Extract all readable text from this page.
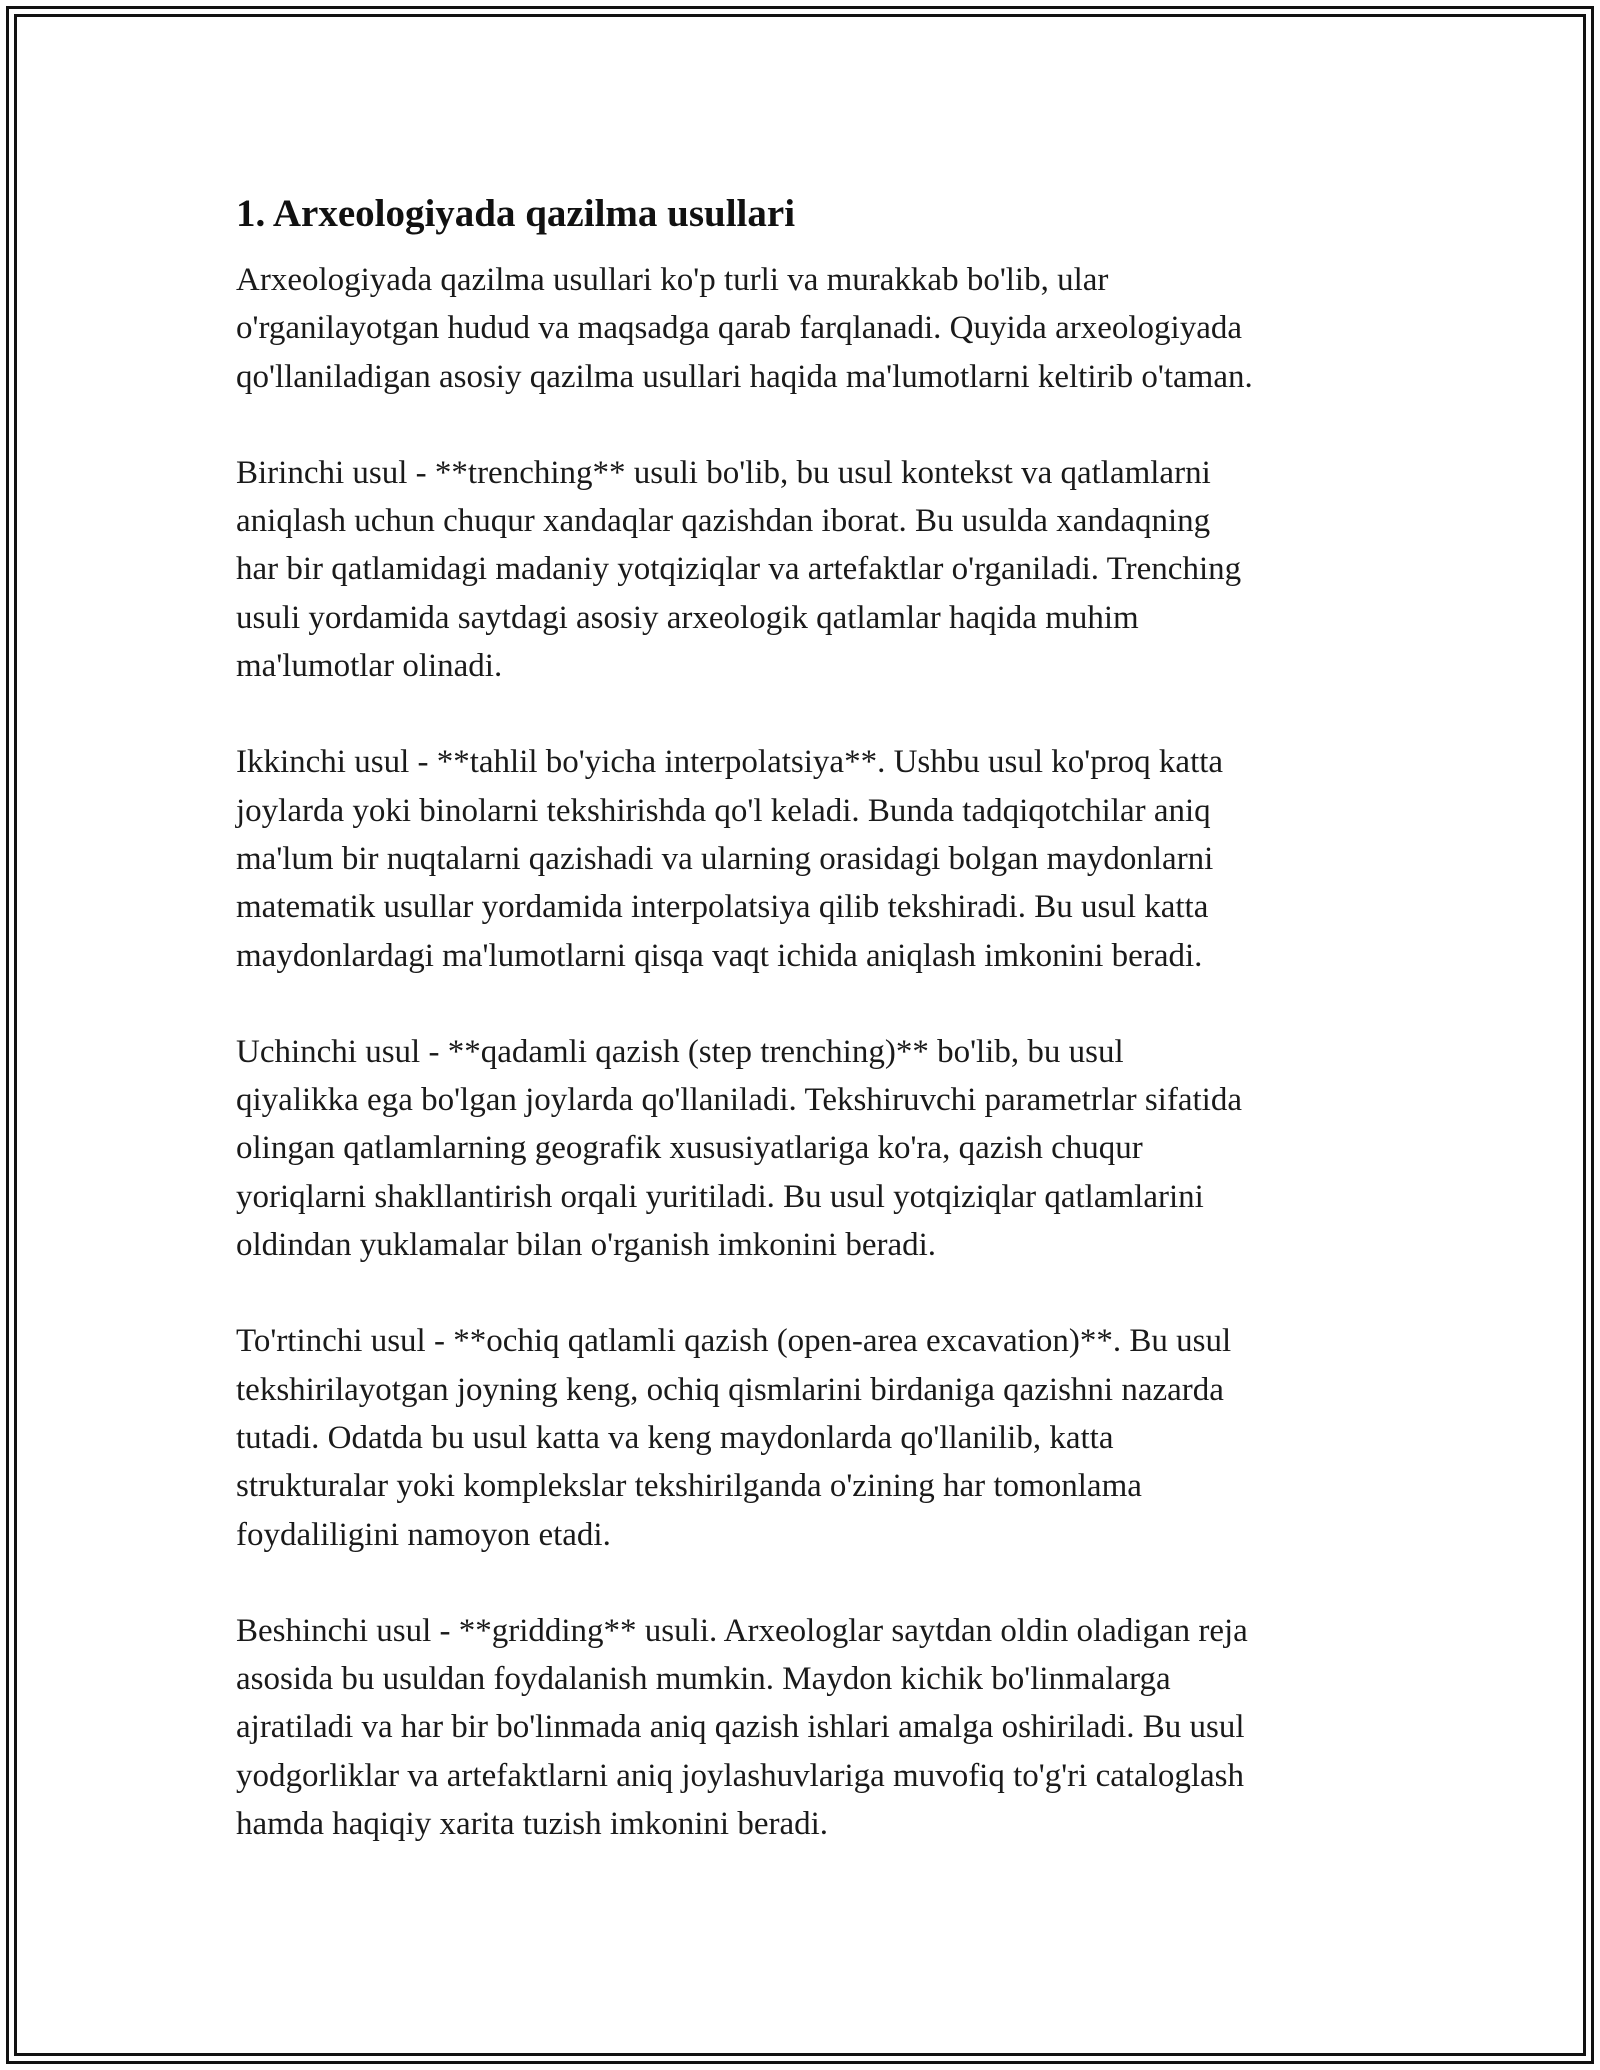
1. Arxeologiyada qazilma usullari
Arxeologiyada qazilma usullari ko'p turli va murakkab bo'lib, ular
o'rganilayotgan hudud va maqsadga qarab farqlanadi. Quyida arxeologiyada
qo'llaniladigan asosiy qazilma usullari haqida ma'lumotlarni keltirib o'taman.
Birinchi usul - **trenching** usuli bo'lib, bu usul kontekst va qatlamlarni
aniqlash uchun chuqur xandaqlar qazishdan iborat. Bu usulda xandaqning
har bir qatlamidagi madaniy yotqiziqlar va artefaktlar o'rganiladi. Trenching
usuli yordamida saytdagi asosiy arxeologik qatlamlar haqida muhim
ma'lumotlar olinadi.
Ikkinchi usul - **tahlil bo'yicha interpolatsiya**. Ushbu usul ko'proq katta
joylarda yoki binolarni tekshirishda qo'l keladi. Bunda tadqiqotchilar aniq
ma'lum bir nuqtalarni qazishadi va ularning orasidagi bolgan maydonlarni
matematik usullar yordamida interpolatsiya qilib tekshiradi. Bu usul katta
maydonlardagi ma'lumotlarni qisqa vaqt ichida aniqlash imkonini beradi.
Uchinchi usul - **qadamli qazish (step trenching)** bo'lib, bu usul
qiyalikka ega bo'lgan joylarda qo'llaniladi. Tekshiruvchi parametrlar sifatida
olingan qatlamlarning geografik xususiyatlariga ko'ra, qazish chuqur
yoriqlarni shakllantirish orqali yuritiladi. Bu usul yotqiziqlar qatlamlarini
oldindan yuklamalar bilan o'rganish imkonini beradi.
To'rtinchi usul - **ochiq qatlamli qazish (open-area excavation)**. Bu usul
tekshirilayotgan joyning keng, ochiq qismlarini birdaniga qazishni nazarda
tutadi. Odatda bu usul katta va keng maydonlarda qo'llanilib, katta
strukturalar yoki komplekslar tekshirilganda o'zining har tomonlama
foydaliligini namoyon etadi.
Beshinchi usul - **gridding** usuli. Arxeologlar saytdan oldin oladigan reja
asosida bu usuldan foydalanish mumkin. Maydon kichik bo'linmalarga
ajratiladi va har bir bo'linmada aniq qazish ishlari amalga oshiriladi. Bu usul
yodgorliklar va artefaktlarni aniq joylashuvlariga muvofiq to'g'ri cataloglash
hamda haqiqiy xarita tuzish imkonini beradi.
